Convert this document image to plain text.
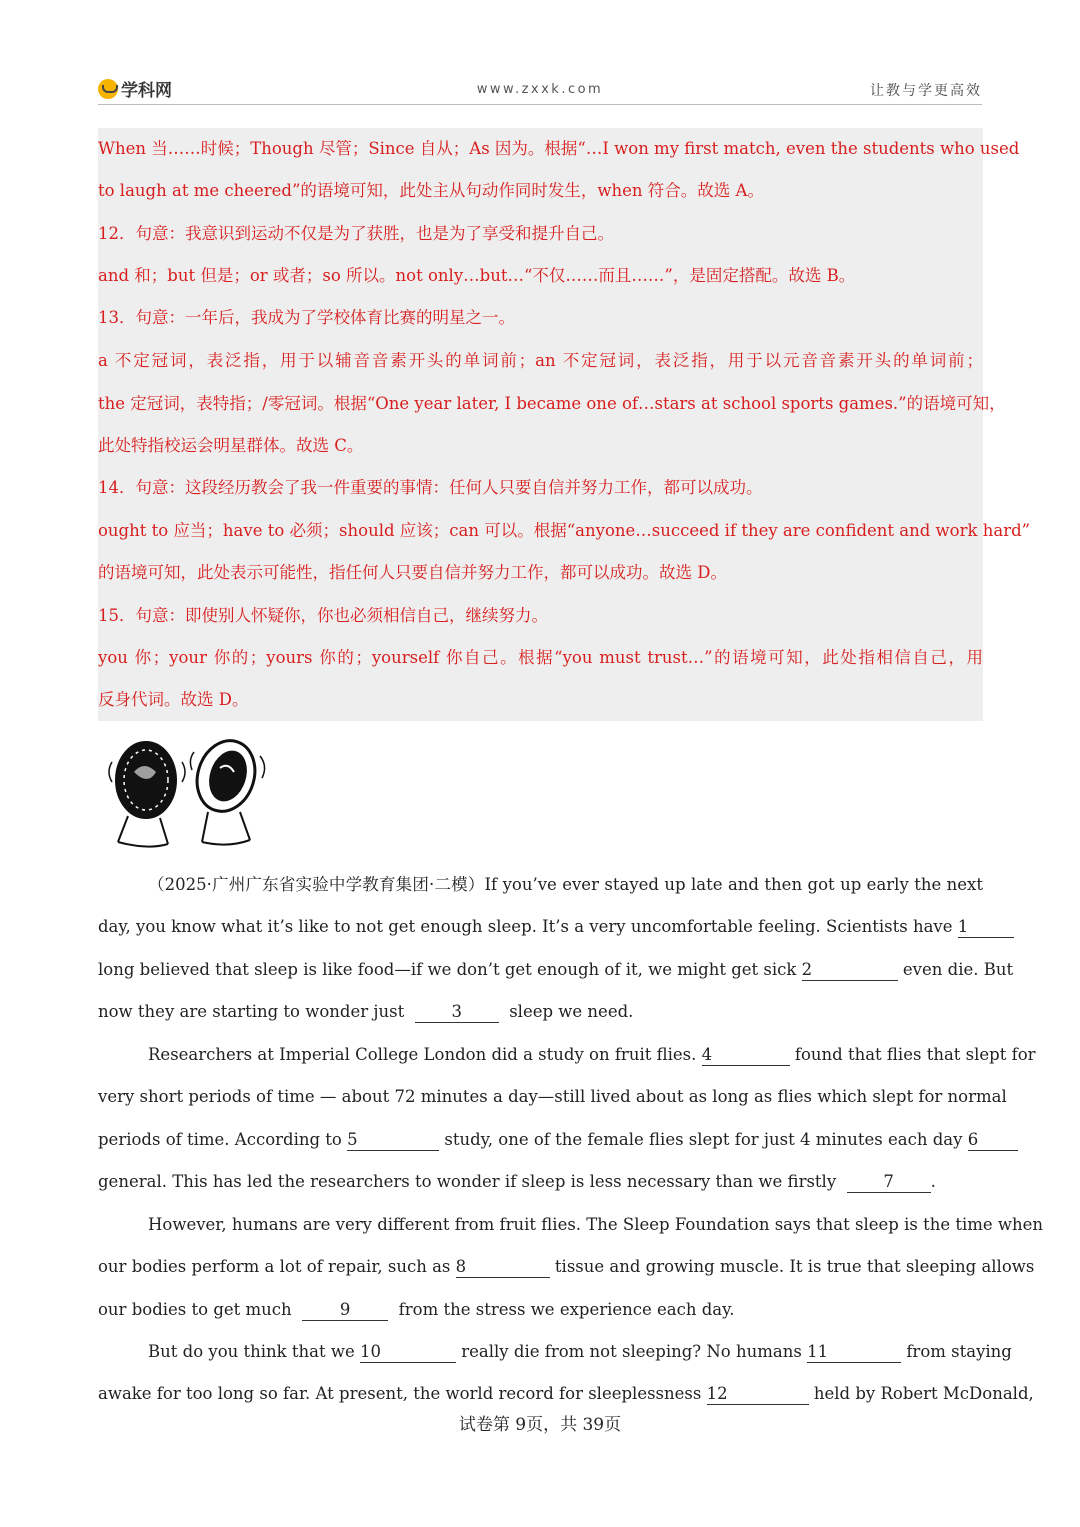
学科网	www.zxxk.com	让教与学更高效
When 当……时候；Though 尽管；Since 自从；As 因为。根据“…I won my first match, even the students who used
to laugh at me cheered”的语境可知，此处主从句动作同时发生，when 符合。故选 A。
12．句意：我意识到运动不仅是为了获胜，也是为了享受和提升自己。
and 和；but 但是；or 或者；so 所以。not only…but…“不仅……而且……”，是固定搭配。故选 B。
13．句意：一年后，我成为了学校体育比赛的明星之一。
a 不定冠词，表泛指，用于以辅音音素开头的单词前；an 不定冠词，表泛指，用于以元音音素开头的单词前；
the 定冠词，表特指；/零冠词。根据“One year later, I became one of…stars at school sports games.”的语境可知，
此处特指校运会明星群体。故选 C。
14．句意：这段经历教会了我一件重要的事情：任何人只要自信并努力工作，都可以成功。
ought to 应当；have to 必须；should 应该；can 可以。根据“anyone…succeed if they are confident and work hard”
的语境可知，此处表示可能性，指任何人只要自信并努力工作，都可以成功。故选 D。
15．句意：即使别人怀疑你，你也必须相信自己，继续努力。
you 你；your 你的；yours 你的；yourself 你自己。根据“you must trust…”的语境可知，此处指相信自己，用
反身代词。故选 D。
（2025·广州广东省实验中学教育集团·二模）If you’ve ever stayed up late and then got up early the next
day, you know what it’s like to not get enough sleep. It’s a very uncomfortable feeling. Scientists have 1
long believed that sleep is like food—if we don’t get enough of it, we might get sick 2	even die. But
now they are starting to wonder just	3	sleep we need.
Researchers at Imperial College London did a study on fruit flies. 4	found that flies that slept for
very short periods of time — about 72 minutes a day—still lived about as long as flies which slept for normal
periods of time. According to 5	study, one of the female flies slept for just 4 minutes each day 6
general. This has led the researchers to wonder if sleep is less necessary than we firstly	7 .
However, humans are very different from fruit flies. The Sleep Foundation says that sleep is the time when
our bodies perform a lot of repair, such as 8	tissue and growing muscle. It is true that sleeping allows
our bodies to get much	9	from the stress we experience each day.
But do you think that we 10	really die from not sleeping? No humans 11	from staying
awake for too long so far. At present, the world record for sleeplessness 12	held by Robert McDonald,
试卷第 9页，共 39页
